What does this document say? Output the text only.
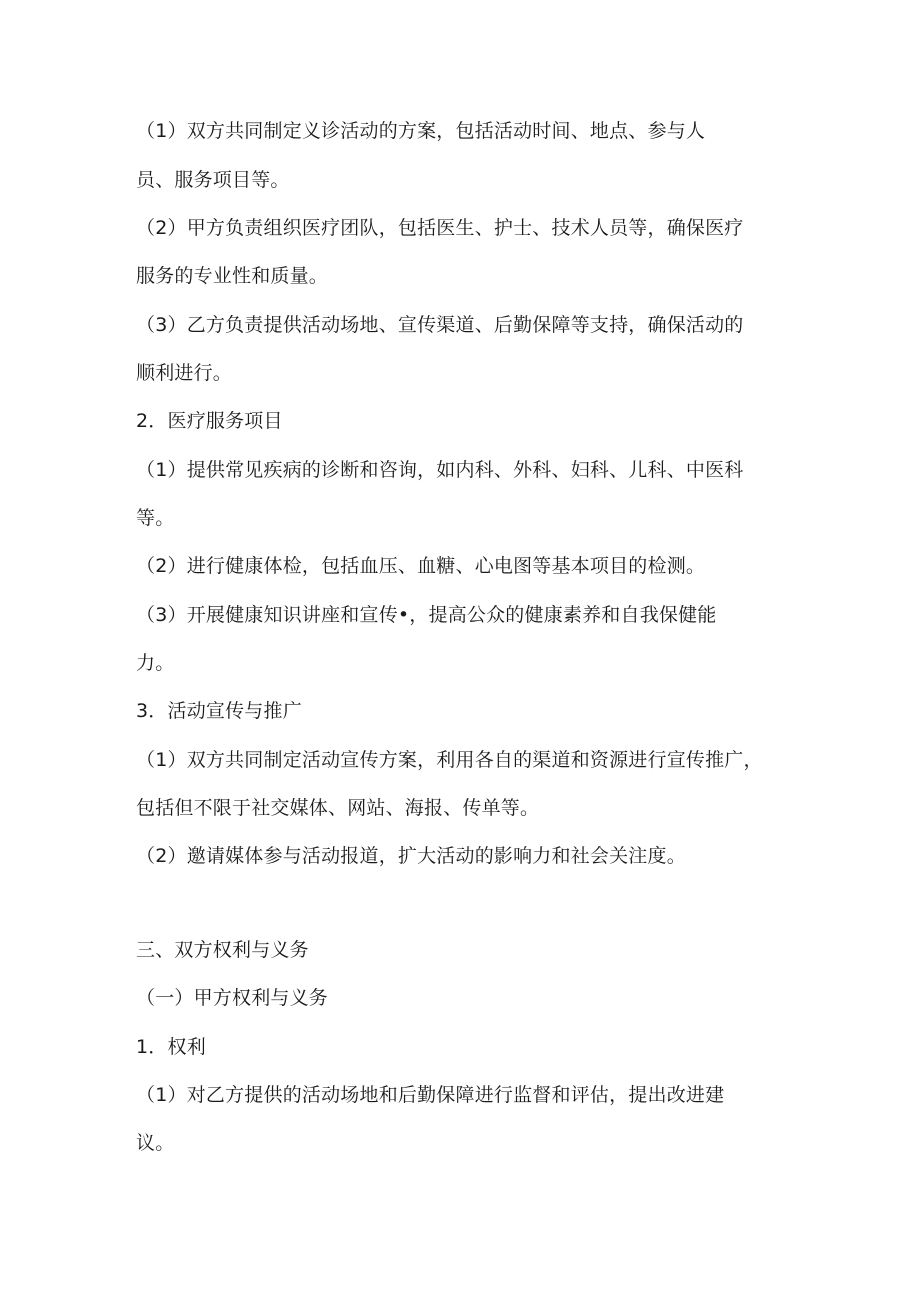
（1）双方共同制定义诊活动的方案，包括活动时间、地点、参与人
员、服务项目等。
（2）甲方负责组织医疗团队，包括医生、护士、技术人员等，确保医疗
服务的专业性和质量。
（3）乙方负责提供活动场地、宣传渠道、后勤保障等支持，确保活动的
顺利进行。
2．医疗服务项目
（1）提供常见疾病的诊断和咨询，如内科、外科、妇科、儿科、中医科
等。
（2）进行健康体检，包括血压、血糖、心电图等基本项目的检测。
（3）开展健康知识讲座和宣传•，提高公众的健康素养和自我保健能
力。
3．活动宣传与推广
（1）双方共同制定活动宣传方案，利用各自的渠道和资源进行宣传推广，
包括但不限于社交媒体、网站、海报、传单等。
（2）邀请媒体参与活动报道，扩大活动的影响力和社会关注度。
三、双方权利与义务
（一）甲方权利与义务
1．权利
（1）对乙方提供的活动场地和后勤保障进行监督和评估，提出改进建
议。
